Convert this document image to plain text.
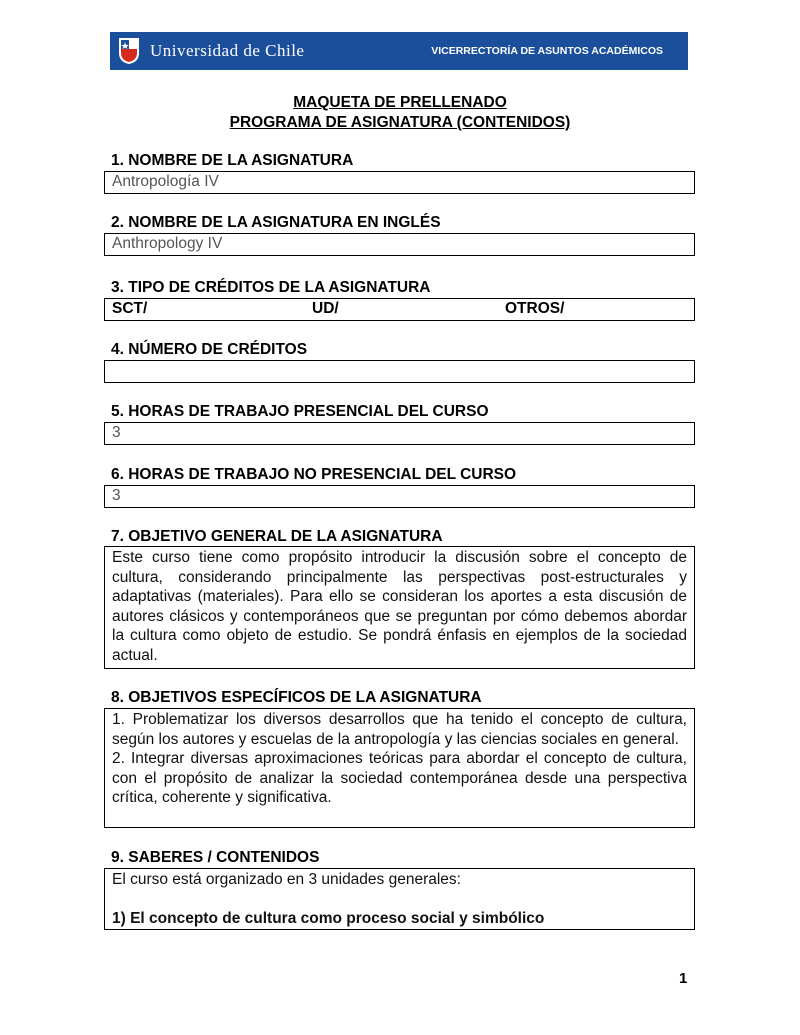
Universidad de Chile	VICERRECTORÍA DE ASUNTOS ACADÉMICOS
MAQUETA DE PRELLENADO
PROGRAMA DE ASIGNATURA (CONTENIDOS)
1. NOMBRE DE LA ASIGNATURA
Antropología IV
2. NOMBRE DE LA ASIGNATURA EN INGLÉS
Anthropology IV
3. TIPO DE CRÉDITOS DE LA ASIGNATURA
SCT/	UD/	OTROS/
4. NÚMERO DE CRÉDITOS
5. HORAS DE TRABAJO PRESENCIAL DEL CURSO
3
6. HORAS DE TRABAJO NO PRESENCIAL DEL CURSO
3
7. OBJETIVO GENERAL DE LA ASIGNATURA
Este curso tiene como propósito introducir la discusión sobre el concepto de cultura, considerando principalmente las perspectivas post-estructurales y adaptativas (materiales). Para ello se consideran los aportes a esta discusión de autores clásicos y contemporáneos que se preguntan por cómo debemos abordar la cultura como objeto de estudio. Se pondrá énfasis en ejemplos de la sociedad actual.
8. OBJETIVOS ESPECÍFICOS DE LA ASIGNATURA

1. Problematizar los diversos desarrollos que ha tenido el concepto de cultura, según los autores y escuelas de la antropología y las ciencias sociales en general.

2. Integrar diversas aproximaciones teóricas para abordar el concepto de cultura, con el propósito de analizar la sociedad contemporánea desde una perspectiva crítica, coherente y significativa.

9. SABERES / CONTENIDOS

El curso está organizado en 3 unidades generales:

1) El concepto de cultura como proceso social y simbólico

1
